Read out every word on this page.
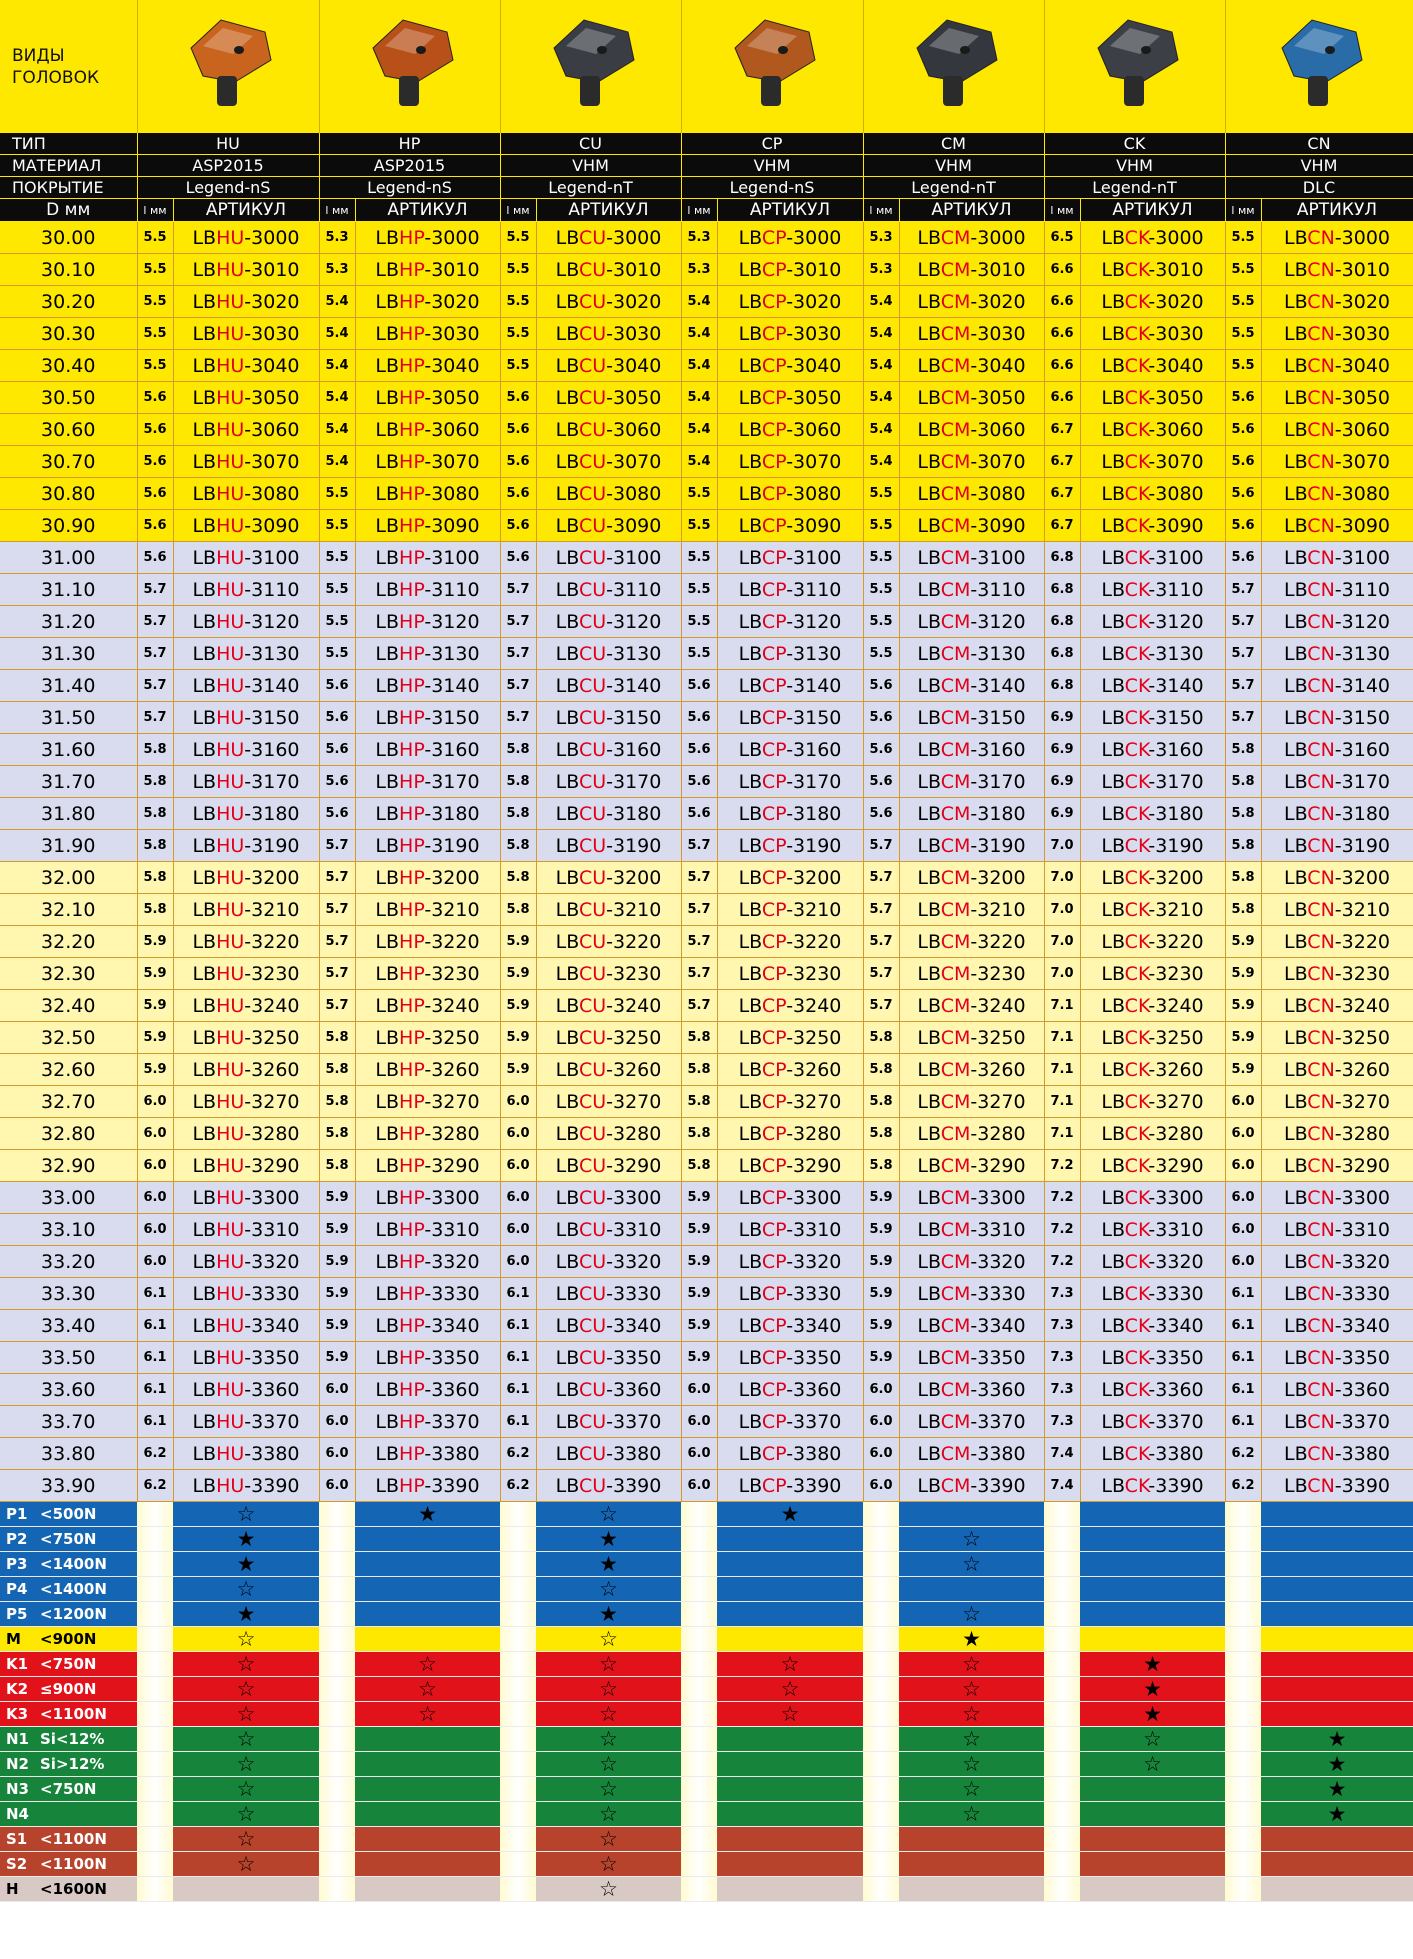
ВИДЫ ГОЛОВОК							
ТИП	HU		HP		CU		CP		CM		CK		CN	
МАТЕРИАЛ	ASP2015		ASP2015		VHM		VHM		VHM		VHM		VHM	
ПОКРЫТИЕ	Legend-nS		Legend-nS		Legend-nT		Legend-nS		Legend-nT		Legend-nT		DLC	
D мм	l мм	АРТИКУЛ	l мм	АРТИКУЛ	l мм	АРТИКУЛ	l мм	АРТИКУЛ	l мм	АРТИКУЛ	l мм	АРТИКУЛ	l мм	АРТИКУЛ
30.00	5.5	LBHU-3000	5.3	LBHP-3000	5.5	LBCU-3000	5.3	LBCP-3000	5.3	LBCM-3000	6.5	LBCK-3000	5.5	LBCN-3000
30.10	5.5	LBHU-3010	5.3	LBHP-3010	5.5	LBCU-3010	5.3	LBCP-3010	5.3	LBCM-3010	6.6	LBCK-3010	5.5	LBCN-3010
30.20	5.5	LBHU-3020	5.4	LBHP-3020	5.5	LBCU-3020	5.4	LBCP-3020	5.4	LBCM-3020	6.6	LBCK-3020	5.5	LBCN-3020
30.30	5.5	LBHU-3030	5.4	LBHP-3030	5.5	LBCU-3030	5.4	LBCP-3030	5.4	LBCM-3030	6.6	LBCK-3030	5.5	LBCN-3030
30.40	5.5	LBHU-3040	5.4	LBHP-3040	5.5	LBCU-3040	5.4	LBCP-3040	5.4	LBCM-3040	6.6	LBCK-3040	5.5	LBCN-3040
30.50	5.6	LBHU-3050	5.4	LBHP-3050	5.6	LBCU-3050	5.4	LBCP-3050	5.4	LBCM-3050	6.6	LBCK-3050	5.6	LBCN-3050
30.60	5.6	LBHU-3060	5.4	LBHP-3060	5.6	LBCU-3060	5.4	LBCP-3060	5.4	LBCM-3060	6.7	LBCK-3060	5.6	LBCN-3060
30.70	5.6	LBHU-3070	5.4	LBHP-3070	5.6	LBCU-3070	5.4	LBCP-3070	5.4	LBCM-3070	6.7	LBCK-3070	5.6	LBCN-3070
30.80	5.6	LBHU-3080	5.5	LBHP-3080	5.6	LBCU-3080	5.5	LBCP-3080	5.5	LBCM-3080	6.7	LBCK-3080	5.6	LBCN-3080
30.90	5.6	LBHU-3090	5.5	LBHP-3090	5.6	LBCU-3090	5.5	LBCP-3090	5.5	LBCM-3090	6.7	LBCK-3090	5.6	LBCN-3090
31.00	5.6	LBHU-3100	5.5	LBHP-3100	5.6	LBCU-3100	5.5	LBCP-3100	5.5	LBCM-3100	6.8	LBCK-3100	5.6	LBCN-3100
31.10	5.7	LBHU-3110	5.5	LBHP-3110	5.7	LBCU-3110	5.5	LBCP-3110	5.5	LBCM-3110	6.8	LBCK-3110	5.7	LBCN-3110
31.20	5.7	LBHU-3120	5.5	LBHP-3120	5.7	LBCU-3120	5.5	LBCP-3120	5.5	LBCM-3120	6.8	LBCK-3120	5.7	LBCN-3120
31.30	5.7	LBHU-3130	5.5	LBHP-3130	5.7	LBCU-3130	5.5	LBCP-3130	5.5	LBCM-3130	6.8	LBCK-3130	5.7	LBCN-3130
31.40	5.7	LBHU-3140	5.6	LBHP-3140	5.7	LBCU-3140	5.6	LBCP-3140	5.6	LBCM-3140	6.8	LBCK-3140	5.7	LBCN-3140
31.50	5.7	LBHU-3150	5.6	LBHP-3150	5.7	LBCU-3150	5.6	LBCP-3150	5.6	LBCM-3150	6.9	LBCK-3150	5.7	LBCN-3150
31.60	5.8	LBHU-3160	5.6	LBHP-3160	5.8	LBCU-3160	5.6	LBCP-3160	5.6	LBCM-3160	6.9	LBCK-3160	5.8	LBCN-3160
31.70	5.8	LBHU-3170	5.6	LBHP-3170	5.8	LBCU-3170	5.6	LBCP-3170	5.6	LBCM-3170	6.9	LBCK-3170	5.8	LBCN-3170
31.80	5.8	LBHU-3180	5.6	LBHP-3180	5.8	LBCU-3180	5.6	LBCP-3180	5.6	LBCM-3180	6.9	LBCK-3180	5.8	LBCN-3180
31.90	5.8	LBHU-3190	5.7	LBHP-3190	5.8	LBCU-3190	5.7	LBCP-3190	5.7	LBCM-3190	7.0	LBCK-3190	5.8	LBCN-3190
32.00	5.8	LBHU-3200	5.7	LBHP-3200	5.8	LBCU-3200	5.7	LBCP-3200	5.7	LBCM-3200	7.0	LBCK-3200	5.8	LBCN-3200
32.10	5.8	LBHU-3210	5.7	LBHP-3210	5.8	LBCU-3210	5.7	LBCP-3210	5.7	LBCM-3210	7.0	LBCK-3210	5.8	LBCN-3210
32.20	5.9	LBHU-3220	5.7	LBHP-3220	5.9	LBCU-3220	5.7	LBCP-3220	5.7	LBCM-3220	7.0	LBCK-3220	5.9	LBCN-3220
32.30	5.9	LBHU-3230	5.7	LBHP-3230	5.9	LBCU-3230	5.7	LBCP-3230	5.7	LBCM-3230	7.0	LBCK-3230	5.9	LBCN-3230
32.40	5.9	LBHU-3240	5.7	LBHP-3240	5.9	LBCU-3240	5.7	LBCP-3240	5.7	LBCM-3240	7.1	LBCK-3240	5.9	LBCN-3240
32.50	5.9	LBHU-3250	5.8	LBHP-3250	5.9	LBCU-3250	5.8	LBCP-3250	5.8	LBCM-3250	7.1	LBCK-3250	5.9	LBCN-3250
32.60	5.9	LBHU-3260	5.8	LBHP-3260	5.9	LBCU-3260	5.8	LBCP-3260	5.8	LBCM-3260	7.1	LBCK-3260	5.9	LBCN-3260
32.70	6.0	LBHU-3270	5.8	LBHP-3270	6.0	LBCU-3270	5.8	LBCP-3270	5.8	LBCM-3270	7.1	LBCK-3270	6.0	LBCN-3270
32.80	6.0	LBHU-3280	5.8	LBHP-3280	6.0	LBCU-3280	5.8	LBCP-3280	5.8	LBCM-3280	7.1	LBCK-3280	6.0	LBCN-3280
32.90	6.0	LBHU-3290	5.8	LBHP-3290	6.0	LBCU-3290	5.8	LBCP-3290	5.8	LBCM-3290	7.2	LBCK-3290	6.0	LBCN-3290
33.00	6.0	LBHU-3300	5.9	LBHP-3300	6.0	LBCU-3300	5.9	LBCP-3300	5.9	LBCM-3300	7.2	LBCK-3300	6.0	LBCN-3300
33.10	6.0	LBHU-3310	5.9	LBHP-3310	6.0	LBCU-3310	5.9	LBCP-3310	5.9	LBCM-3310	7.2	LBCK-3310	6.0	LBCN-3310
33.20	6.0	LBHU-3320	5.9	LBHP-3320	6.0	LBCU-3320	5.9	LBCP-3320	5.9	LBCM-3320	7.2	LBCK-3320	6.0	LBCN-3320
33.30	6.1	LBHU-3330	5.9	LBHP-3330	6.1	LBCU-3330	5.9	LBCP-3330	5.9	LBCM-3330	7.3	LBCK-3330	6.1	LBCN-3330
33.40	6.1	LBHU-3340	5.9	LBHP-3340	6.1	LBCU-3340	5.9	LBCP-3340	5.9	LBCM-3340	7.3	LBCK-3340	6.1	LBCN-3340
33.50	6.1	LBHU-3350	5.9	LBHP-3350	6.1	LBCU-3350	5.9	LBCP-3350	5.9	LBCM-3350	7.3	LBCK-3350	6.1	LBCN-3350
33.60	6.1	LBHU-3360	6.0	LBHP-3360	6.1	LBCU-3360	6.0	LBCP-3360	6.0	LBCM-3360	7.3	LBCK-3360	6.1	LBCN-3360
33.70	6.1	LBHU-3370	6.0	LBHP-3370	6.1	LBCU-3370	6.0	LBCP-3370	6.0	LBCM-3370	7.3	LBCK-3370	6.1	LBCN-3370
33.80	6.2	LBHU-3380	6.0	LBHP-3380	6.2	LBCU-3380	6.0	LBCP-3380	6.0	LBCM-3380	7.4	LBCK-3380	6.2	LBCN-3380
33.90	6.2	LBHU-3390	6.0	LBHP-3390	6.2	LBCU-3390	6.0	LBCP-3390	6.0	LBCM-3390	7.4	LBCK-3390	6.2	LBCN-3390
P1 <500N		☆		★		☆		★						
P2 <750N		★				★				☆				
P3 <1400N		★				★				☆				
P4 <1400N		☆				☆								
P5 <1200N		★				★				☆				
M <900N		☆				☆				★				
K1 <750N		☆		☆		☆		☆		☆		★		
K2 ≤900N		☆		☆		☆		☆		☆		★		
K3 <1100N		☆		☆		☆		☆		☆		★		
N1 Si<12%		☆				☆				☆		☆		★
N2 Si>12%		☆				☆				☆		☆		★
N3 <750N		☆				☆				☆				★
N4		☆				☆				☆				★
S1 <1100N		☆				☆								
S2 <1100N		☆				☆								
H <1600N						☆								
